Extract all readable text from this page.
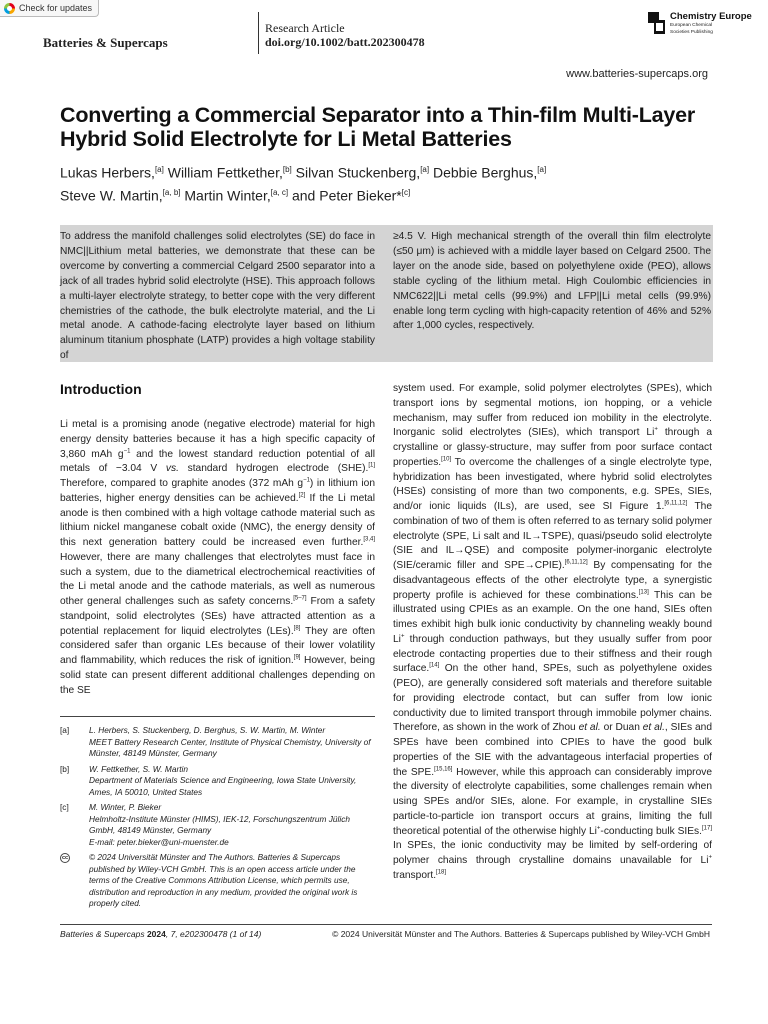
Check for updates
Batteries & Supercaps
Research Article
doi.org/10.1002/batt.202300478
Chemistry Europe
European Chemical
Societies Publishing
www.batteries-supercaps.org
Converting a Commercial Separator into a Thin-film Multi-Layer Hybrid Solid Electrolyte for Li Metal Batteries
Lukas Herbers,[a] William Fettkether,[b] Silvan Stuckenberg,[a] Debbie Berghus,[a]
Steve W. Martin,[a, b] Martin Winter,[a, c] and Peter Bieker*[c]
To address the manifold challenges solid electrolytes (SE) do face in NMC||Lithium metal batteries, we demonstrate that these can be overcome by converting a commercial Celgard 2500 separator into a jack of all trades hybrid solid electrolyte (HSE). This approach follows a multi-layer electrolyte strategy, to better cope with the very different chemistries of the cathode, the bulk electrolyte material, and the Li metal anode. A cathode-facing electrolyte layer based on lithium aluminum titanium phosphate (LATP) provides a high voltage stability of
≥4.5 V. High mechanical strength of the overall thin film electrolyte (≤50 μm) is achieved with a middle layer based on Celgard 2500. The layer on the anode side, based on polyethylene oxide (PEO), allows stable cycling of the lithium metal. High Coulombic efficiencies in NMC622||Li metal cells (99.9%) and LFP||Li metal cells (99.9%) enable long term cycling with high-capacity retention of 46% and 52% after 1,000 cycles, respectively.
Introduction
Li metal is a promising anode (negative electrode) material for high energy density batteries because it has a high specific capacity of 3,860 mAh $g^{-1}$ and the lowest standard reduction potential of all metals of −3.04 V vs. standard hydrogen electrode (SHE).[1] Therefore, compared to graphite anodes (372 mAh $g^{-1}$) in lithium ion batteries, higher energy densities can be achieved.[2] If the Li metal anode is then combined with a high voltage cathode material such as lithium nickel manganese cobalt oxide (NMC), the energy density of this next generation battery could be increased even further.[3,4] However, there are many challenges that electrolytes must face in such a system, due to the diametrical electrochemical reactivities of the Li metal anode and the cathode materials, as well as numerous other general challenges such as safety concerns.[5–7] From a safety standpoint, solid electrolytes (SEs) have attracted attention as a potential replacement for liquid electrolytes (LEs).[8] They are often considered safer than organic LEs because of their lower volatility and flammability, which reduces the risk of ignition.[9] However, being solid state can present different additional challenges depending on the SE
system used. For example, solid polymer electrolytes (SPEs), which transport ions by segmental motions, ion hopping, or a vehicle mechanism, may suffer from reduced ion mobility in the electrolyte. Inorganic solid electrolytes (SIEs), which transport Li+ through a crystalline or glassy-structure, may suffer from poor surface contact properties.[10] To overcome the challenges of a single electrolyte type, hybridization has been investigated, where hybrid solid electrolytes (HSEs) consisting of more than two components, e.g. SPEs, SIEs, and/or ionic liquids (ILs), are used, see SI Figure 1.[6,11,12] The combination of two of them is often referred to as ternary solid polymer electrolyte (SPE, Li salt and IL→TSPE), quasi/pseudo solid electrolyte (SIE and IL→QSE) and composite polymer-inorganic electrolyte (SIE/ceramic filler and SPE→CPIE).[6,11,12] By compensating for the disadvantageous effects of the other electrolyte type, a synergistic property profile is achieved for these combinations.[13] This can be illustrated using CPIEs as an example. On the one hand, SIEs often times exhibit high bulk ionic conductivity by channeling weakly bound Li+ through conduction pathways, but they usually suffer from poor electrode contacting properties due to their stiffness and their rough surface.[14] On the other hand, SPEs, such as polyethylene oxides (PEO), are generally considered soft materials and therefore suitable for providing electrode contact, but can suffer from low ionic conductivity due to limited transport through immobile polymer chains. Therefore, as shown in the work of Zhou et al. or Duan et al., SIEs and SPEs have been combined into CPIEs to have the good bulk properties of the SIE with the advantageous interfacial properties of the SPE.[15,16] However, while this approach can considerably improve the diversity of electrolyte capabilities, some challenges remain when using SPEs and/or SIEs, alone. For example, in crystalline SIEs particle-to-particle ion transport occurs at grains, limiting the full theoretical potential of the otherwise highly Li+-conducting bulk SIEs.[17] In SPEs, the ionic conductivity may be limited by self-ordering of polymer chains through crystalline domains unavailable for Li+ transport.[18]
[a]	L. Herbers, S. Stuckenberg, D. Berghus, S. W. Martin, M. Winter
MEET Battery Research Center, Institute of Physical Chemistry, University of Münster, 48149 Münster, Germany
[b]	W. Fettkether, S. W. Martin
Department of Materials Science and Engineering, Iowa State University, Ames, IA 50010, United States
[c]	M. Winter, P. Bieker
Helmholtz-Institute Münster (HIMS), IEK-12, Forschungszentrum Jülich GmbH, 48149 Münster, Germany
E-mail: peter.bieker@uni-muenster.de
cc	© 2024 Universität Münster and The Authors. Batteries & Supercaps published by Wiley-VCH GmbH. This is an open access article under the terms of the Creative Commons Attribution License, which permits use, distribution and reproduction in any medium, provided the original work is properly cited.
Batteries & Supercaps 2024, 7, e202300478 (1 of 14)	© 2024 Universität Münster and The Authors. Batteries & Supercaps published by Wiley-VCH GmbH
